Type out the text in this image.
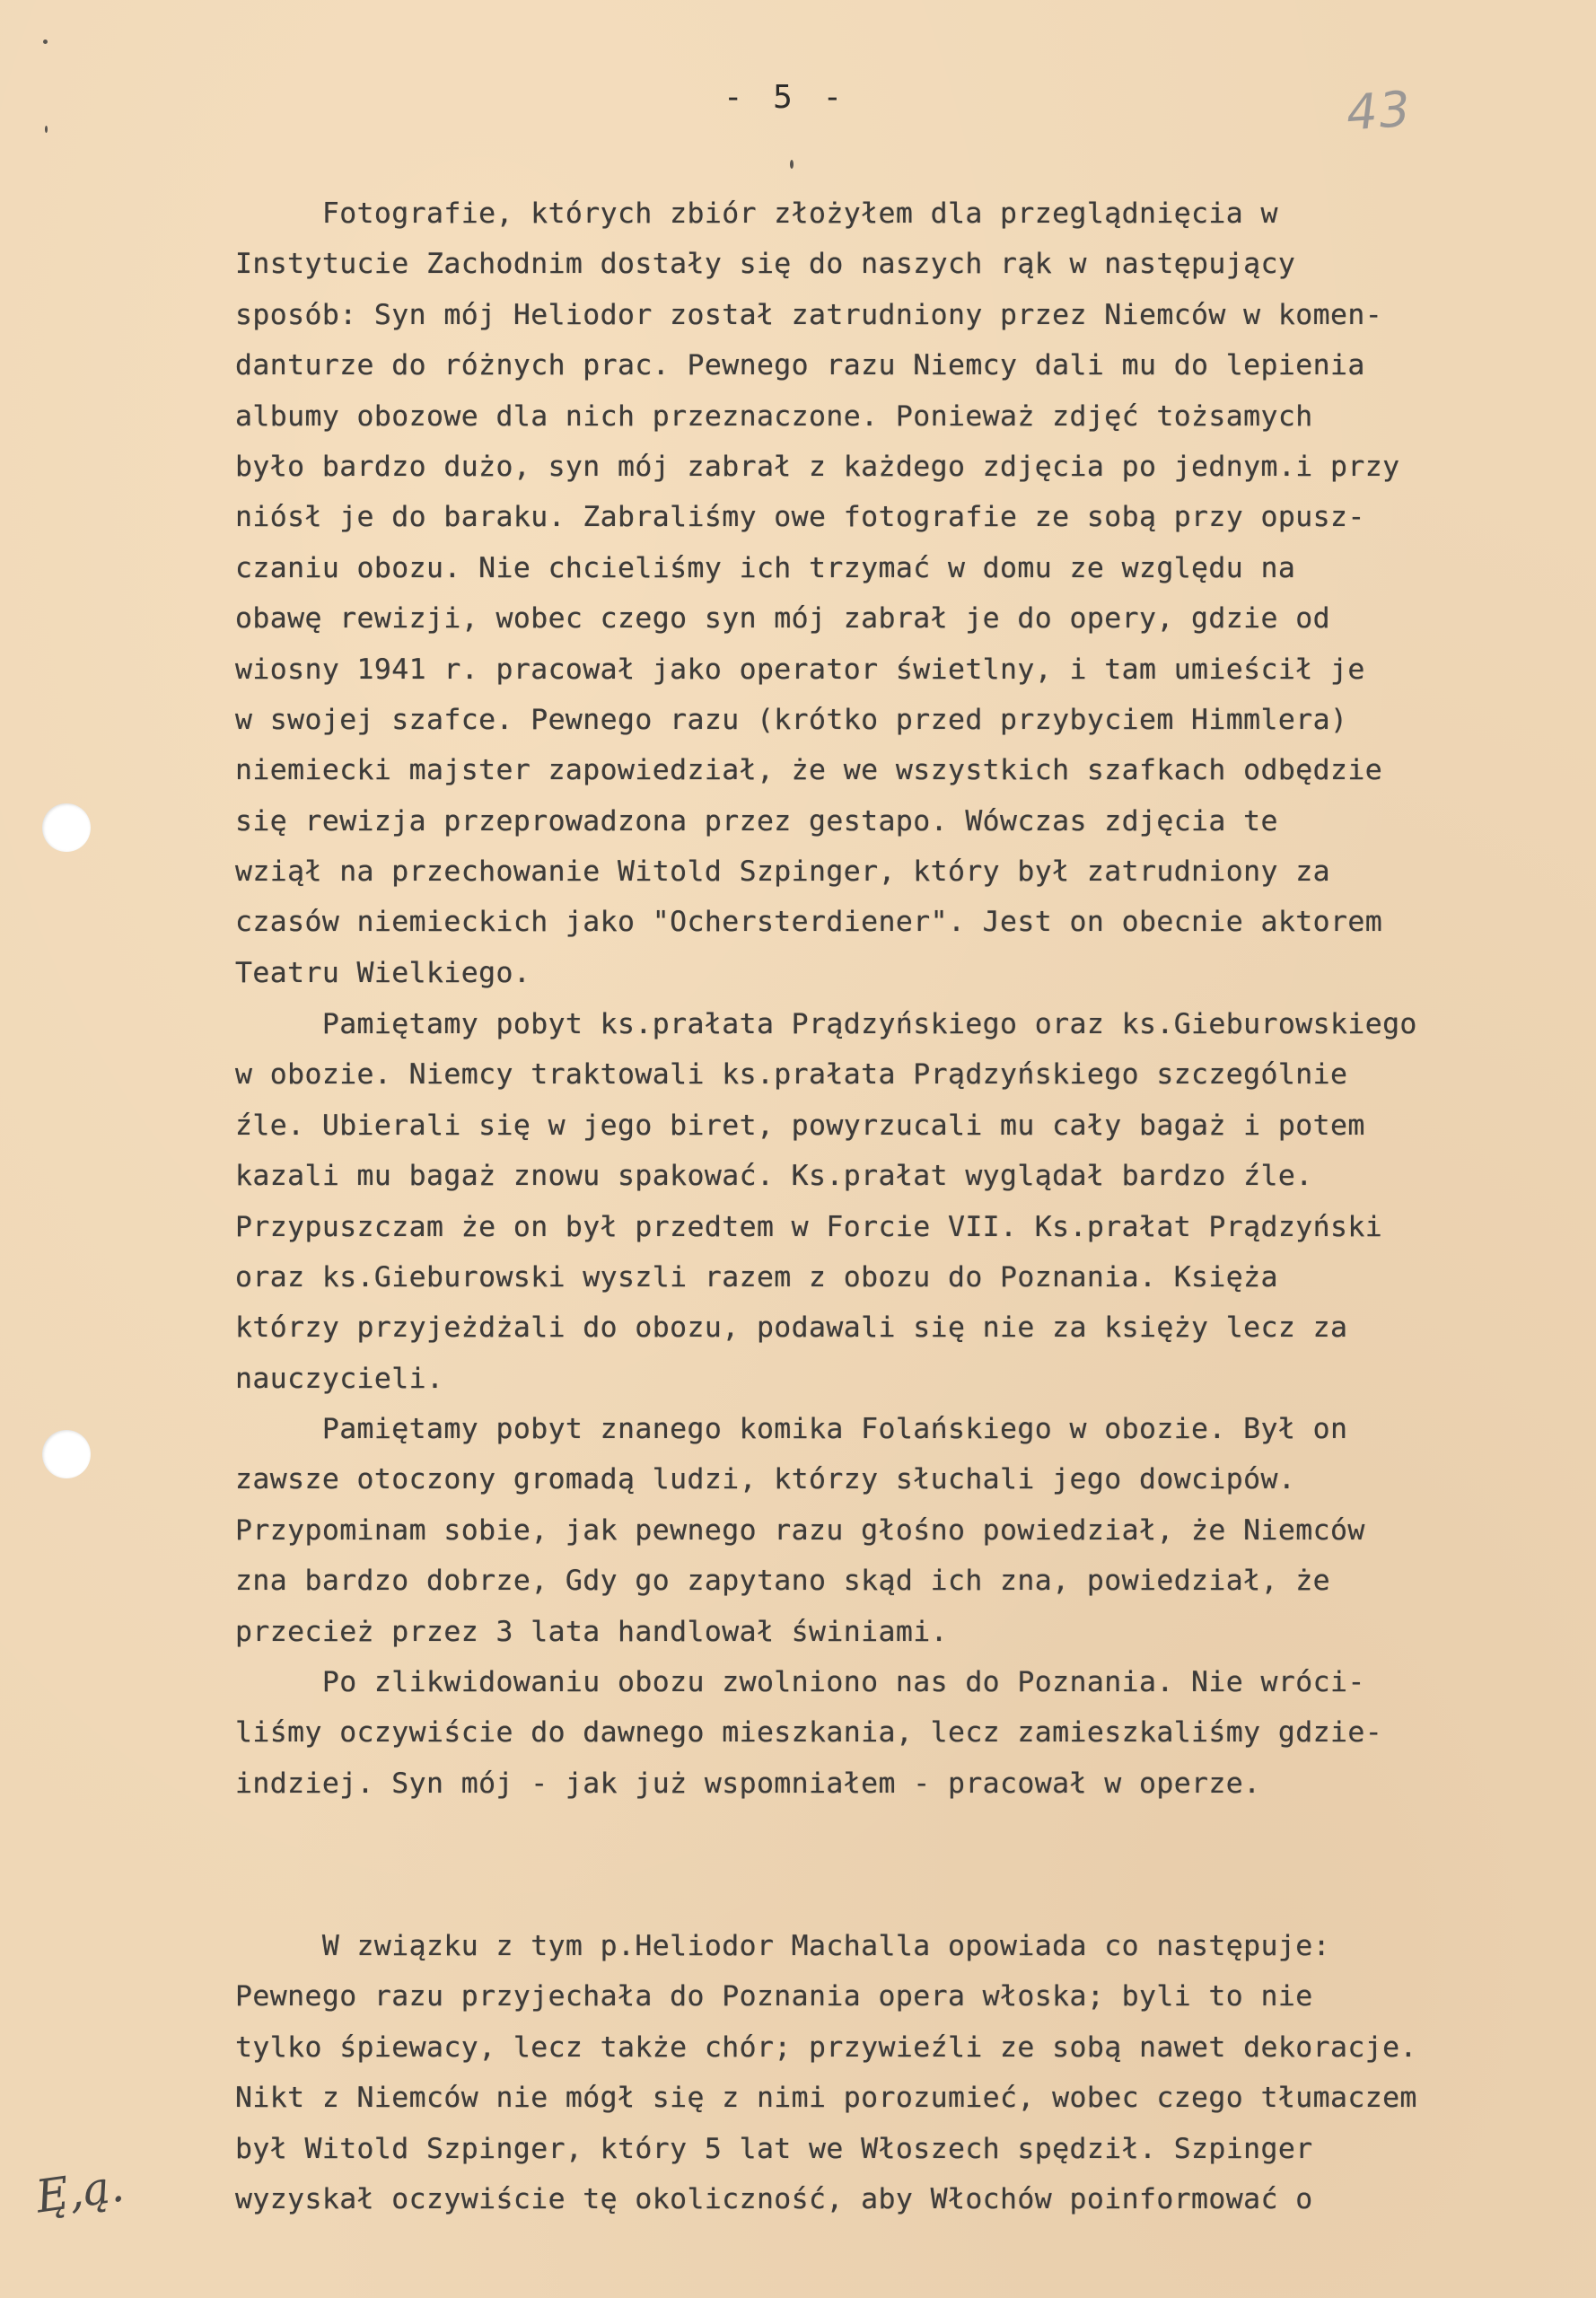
- 5 -	43
Ę,ą.
Fotografie, których zbiór złożyłem dla przeglądnięcia w
Instytucie Zachodnim dostały się do naszych rąk w następujący
sposób: Syn mój Heliodor został zatrudniony przez Niemców w komen-
danturze do różnych prac. Pewnego razu Niemcy dali mu do lepienia
albumy obozowe dla nich przeznaczone. Ponieważ zdjęć tożsamych
było bardzo dużo, syn mój zabrał z każdego zdjęcia po jednym.i przy
niósł je do baraku. Zabraliśmy owe fotografie ze sobą przy opusz-
czaniu obozu. Nie chcieliśmy ich trzymać w domu ze względu na
obawę rewizji, wobec czego syn mój zabrał je do opery, gdzie od
wiosny 1941 r. pracował jako operator świetlny, i tam umieścił je
w swojej szafce. Pewnego razu (krótko przed przybyciem Himmlera)
niemiecki majster zapowiedział, że we wszystkich szafkach odbędzie
się rewizja przeprowadzona przez gestapo. Wówczas zdjęcia te
wziął na przechowanie Witold Szpinger, który był zatrudniony za
czasów niemieckich jako "Ochersterdiener". Jest on obecnie aktorem
Teatru Wielkiego.
Pamiętamy pobyt ks.prałata Prądzyńskiego oraz ks.Gieburowskiego
w obozie. Niemcy traktowali ks.prałata Prądzyńskiego szczególnie
źle. Ubierali się w jego biret, powyrzucali mu cały bagaż i potem
kazali mu bagaż znowu spakować. Ks.prałat wyglądał bardzo źle.
Przypuszczam że on był przedtem w Forcie VII. Ks.prałat Prądzyński
oraz ks.Gieburowski wyszli razem z obozu do Poznania. Księża
którzy przyjeżdżali do obozu, podawali się nie za księży lecz za
nauczycieli.
Pamiętamy pobyt znanego komika Folańskiego w obozie. Był on
zawsze otoczony gromadą ludzi, którzy słuchali jego dowcipów.
Przypominam sobie, jak pewnego razu głośno powiedział, że Niemców
zna bardzo dobrze, Gdy go zapytano skąd ich zna, powiedział, że
przecież przez 3 lata handlował świniami.
Po zlikwidowaniu obozu zwolniono nas do Poznania. Nie wróci-
liśmy oczywiście do dawnego mieszkania, lecz zamieszkaliśmy gdzie-
indziej. Syn mój - jak już wspomniałem - pracował w operze.
W związku z tym p.Heliodor Machalla opowiada co następuje:
Pewnego razu przyjechała do Poznania opera włoska; byli to nie
tylko śpiewacy, lecz także chór; przywieźli ze sobą nawet dekoracje.
Nikt z Niemców nie mógł się z nimi porozumieć, wobec czego tłumaczem
był Witold Szpinger, który 5 lat we Włoszech spędził. Szpinger
wyzyskał oczywiście tę okoliczność, aby Włochów poinformować o
